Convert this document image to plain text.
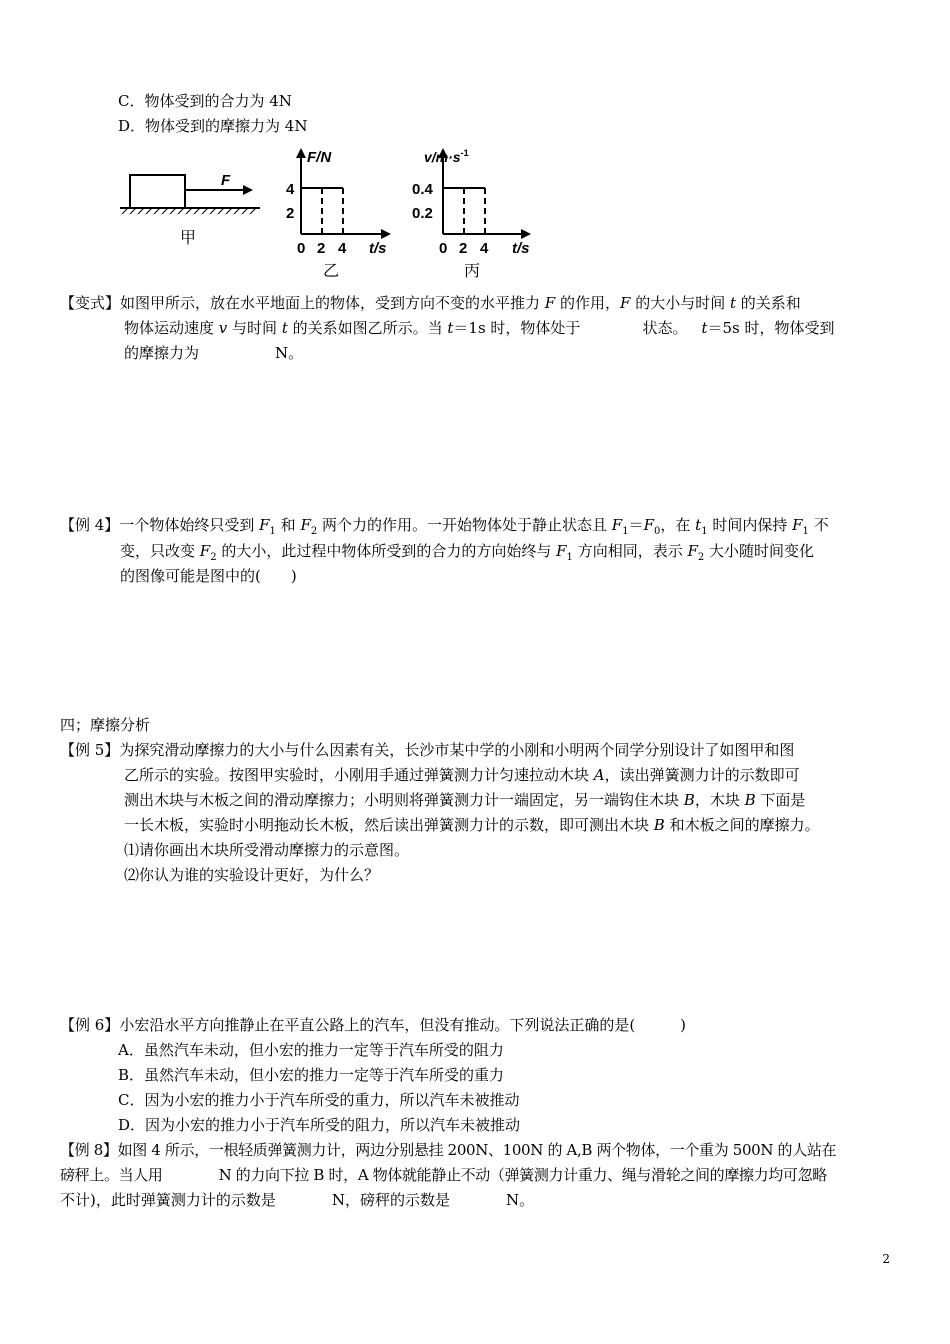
C．物体受到的合力为 4N
D．物体受到的摩擦力为 4N
F
甲
F/N
4
2
0 2 4 t/s
乙
$v/m\cdot s^{-1}$
0.4
0.2
0 2 4 t/s
丙
【变式】如图甲所示，放在水平地面上的物体，受到方向不变的水平推力 F 的作用，F 的大小与时间 t 的关系和
物体运动速度 v 与时间 t 的关系如图乙所示。当 t＝1s 时，物体处于	状态。 t＝5s 时，物体受到
的摩擦力为	N。
【例 4】一个物体始终只受到 $F_1$ 和 $F_2$ 两个力的作用。一开始物体处于静止状态且 $F_1=F_0$，在 $t_1$ 时间内保持 $F_1$ 不
变，只改变 $F_2$ 的大小，此过程中物体所受到的合力的方向始终与 $F_1$ 方向相同，表示 $F_2$ 大小随时间变化
的图像可能是图中的(　　)
四；摩擦分析
【例 5】为探究滑动摩擦力的大小与什么因素有关，长沙市某中学的小刚和小明两个同学分别设计了如图甲和图
乙所示的实验。按图甲实验时，小刚用手通过弹簧测力计匀速拉动木块 A，读出弹簧测力计的示数即可
测出木块与木板之间的滑动摩擦力；小明则将弹簧测力计一端固定，另一端钩住木块 B，木块 B 下面是
一长木板，实验时小明拖动长木板，然后读出弹簧测力计的示数，即可测出木块 B 和木板之间的摩擦力。
⑴请你画出木块所受滑动摩擦力的示意图。
⑵你认为谁的实验设计更好，为什么？
【例 6】小宏沿水平方向推静止在平直公路上的汽车，但没有推动。下列说法正确的是(　　　)
A．虽然汽车未动，但小宏的推力一定等于汽车所受的阻力
B．虽然汽车未动，但小宏的推力一定等于汽车所受的重力
C．因为小宏的推力小于汽车所受的重力，所以汽车未被推动
D．因为小宏的推力小于汽车所受的阻力，所以汽车未被推动
【例 8】如图 4 所示，一根轻质弹簧测力计，两边分别悬挂 200N、100N 的 A,B 两个物体，一个重为 500N 的人站在
磅秤上。当人用	N 的力向下拉 B 时，A 物体就能静止不动（弹簧测力计重力、绳与滑轮之间的摩擦力均可忽略
不计)，此时弹簧测力计的示数是	N，磅秤的示数是	N。
2
